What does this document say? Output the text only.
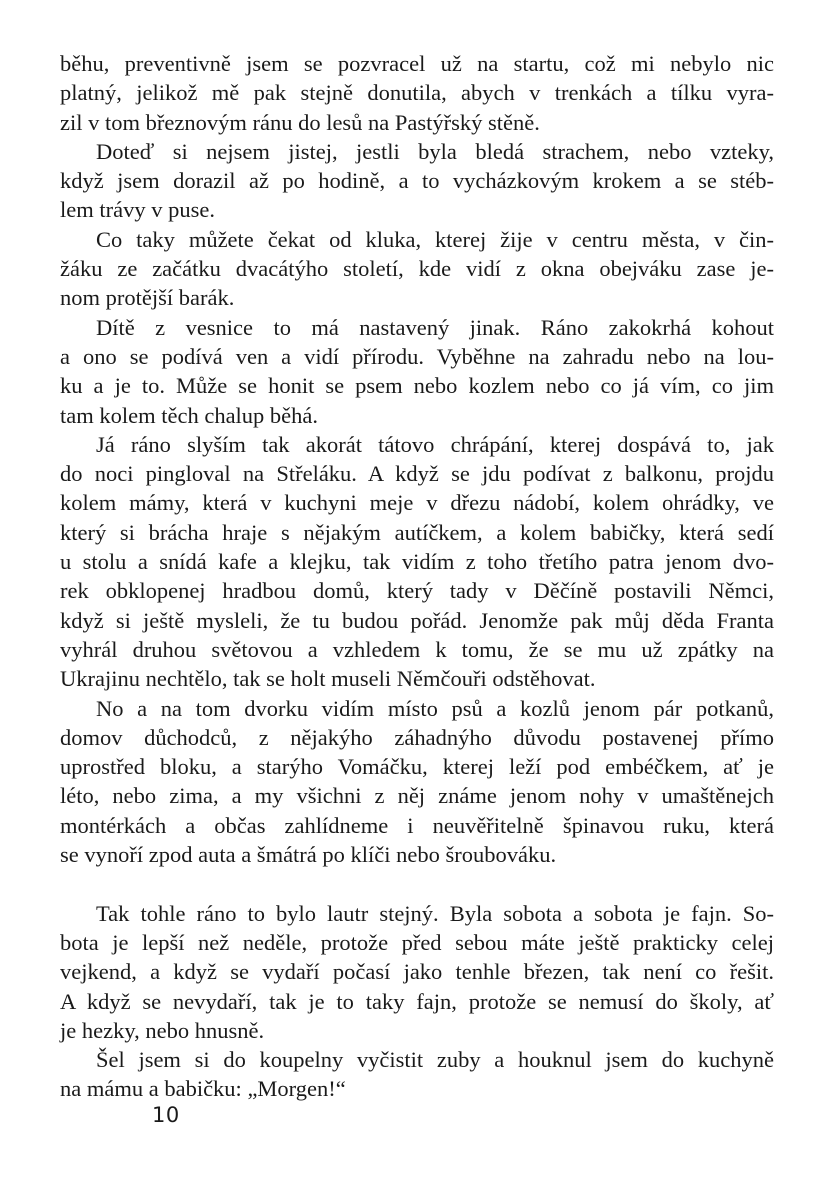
běhu, preventivně jsem se pozvracel už na startu, což mi nebylo nic
platný, jelikož mě pak stejně donutila, abych v trenkách a tílku vyra-
zil v tom březnovým ránu do lesů na Pastýřský stěně.

Doteď si nejsem jistej, jestli byla bledá strachem, nebo vzteky,
když jsem dorazil až po hodině, a to vycházkovým krokem a se stéb-
lem trávy v puse.

Co taky můžete čekat od kluka, kterej žije v centru města, v čin-
žáku ze začátku dvacátýho století, kde vidí z okna obejváku zase je-
nom protější barák.

Dítě z vesnice to má nastavený jinak. Ráno zakokrhá kohout
a ono se podívá ven a vidí přírodu. Vyběhne na zahradu nebo na lou-
ku a je to. Může se honit se psem nebo kozlem nebo co já vím, co jim
tam kolem těch chalup běhá.

Já ráno slyším tak akorát tátovo chrápání, kterej dospává to, jak
do noci pingloval na Střeláku. A když se jdu podívat z balkonu, projdu
kolem mámy, která v kuchyni meje v dřezu nádobí, kolem ohrádky, ve
který si brácha hraje s nějakým autíčkem, a kolem babičky, která sedí
u stolu a snídá kafe a klejku, tak vidím z toho třetího patra jenom dvo-
rek obklopenej hradbou domů, který tady v Děčíně postavili Němci,
když si ještě mysleli, že tu budou pořád. Jenomže pak můj děda Franta
vyhrál druhou světovou a vzhledem k tomu, že se mu už zpátky na
Ukrajinu nechtělo, tak se holt museli Němčouři odstěhovat.

No a na tom dvorku vidím místo psů a kozlů jenom pár potkanů,
domov důchodců, z nějakýho záhadnýho důvodu postavenej přímo
uprostřed bloku, a starýho Vomáčku, kterej leží pod embéčkem, ať je
léto, nebo zima, a my všichni z něj známe jenom nohy v umaštěnejch
montérkách a občas zahlídneme i neuvěřitelně špinavou ruku, která
se vynoří zpod auta a šmátrá po klíči nebo šroubováku.

Tak tohle ráno to bylo lautr stejný. Byla sobota a sobota je fajn. So-
bota je lepší než neděle, protože před sebou máte ještě prakticky celej
vejkend, a když se vydaří počasí jako tenhle březen, tak není co řešit.
A když se nevydaří, tak je to taky fajn, protože se nemusí do školy, ať
je hezky, nebo hnusně.

Šel jsem si do koupelny vyčistit zuby a houknul jsem do kuchyně
na mámu a babičku: „Morgen!“

10
